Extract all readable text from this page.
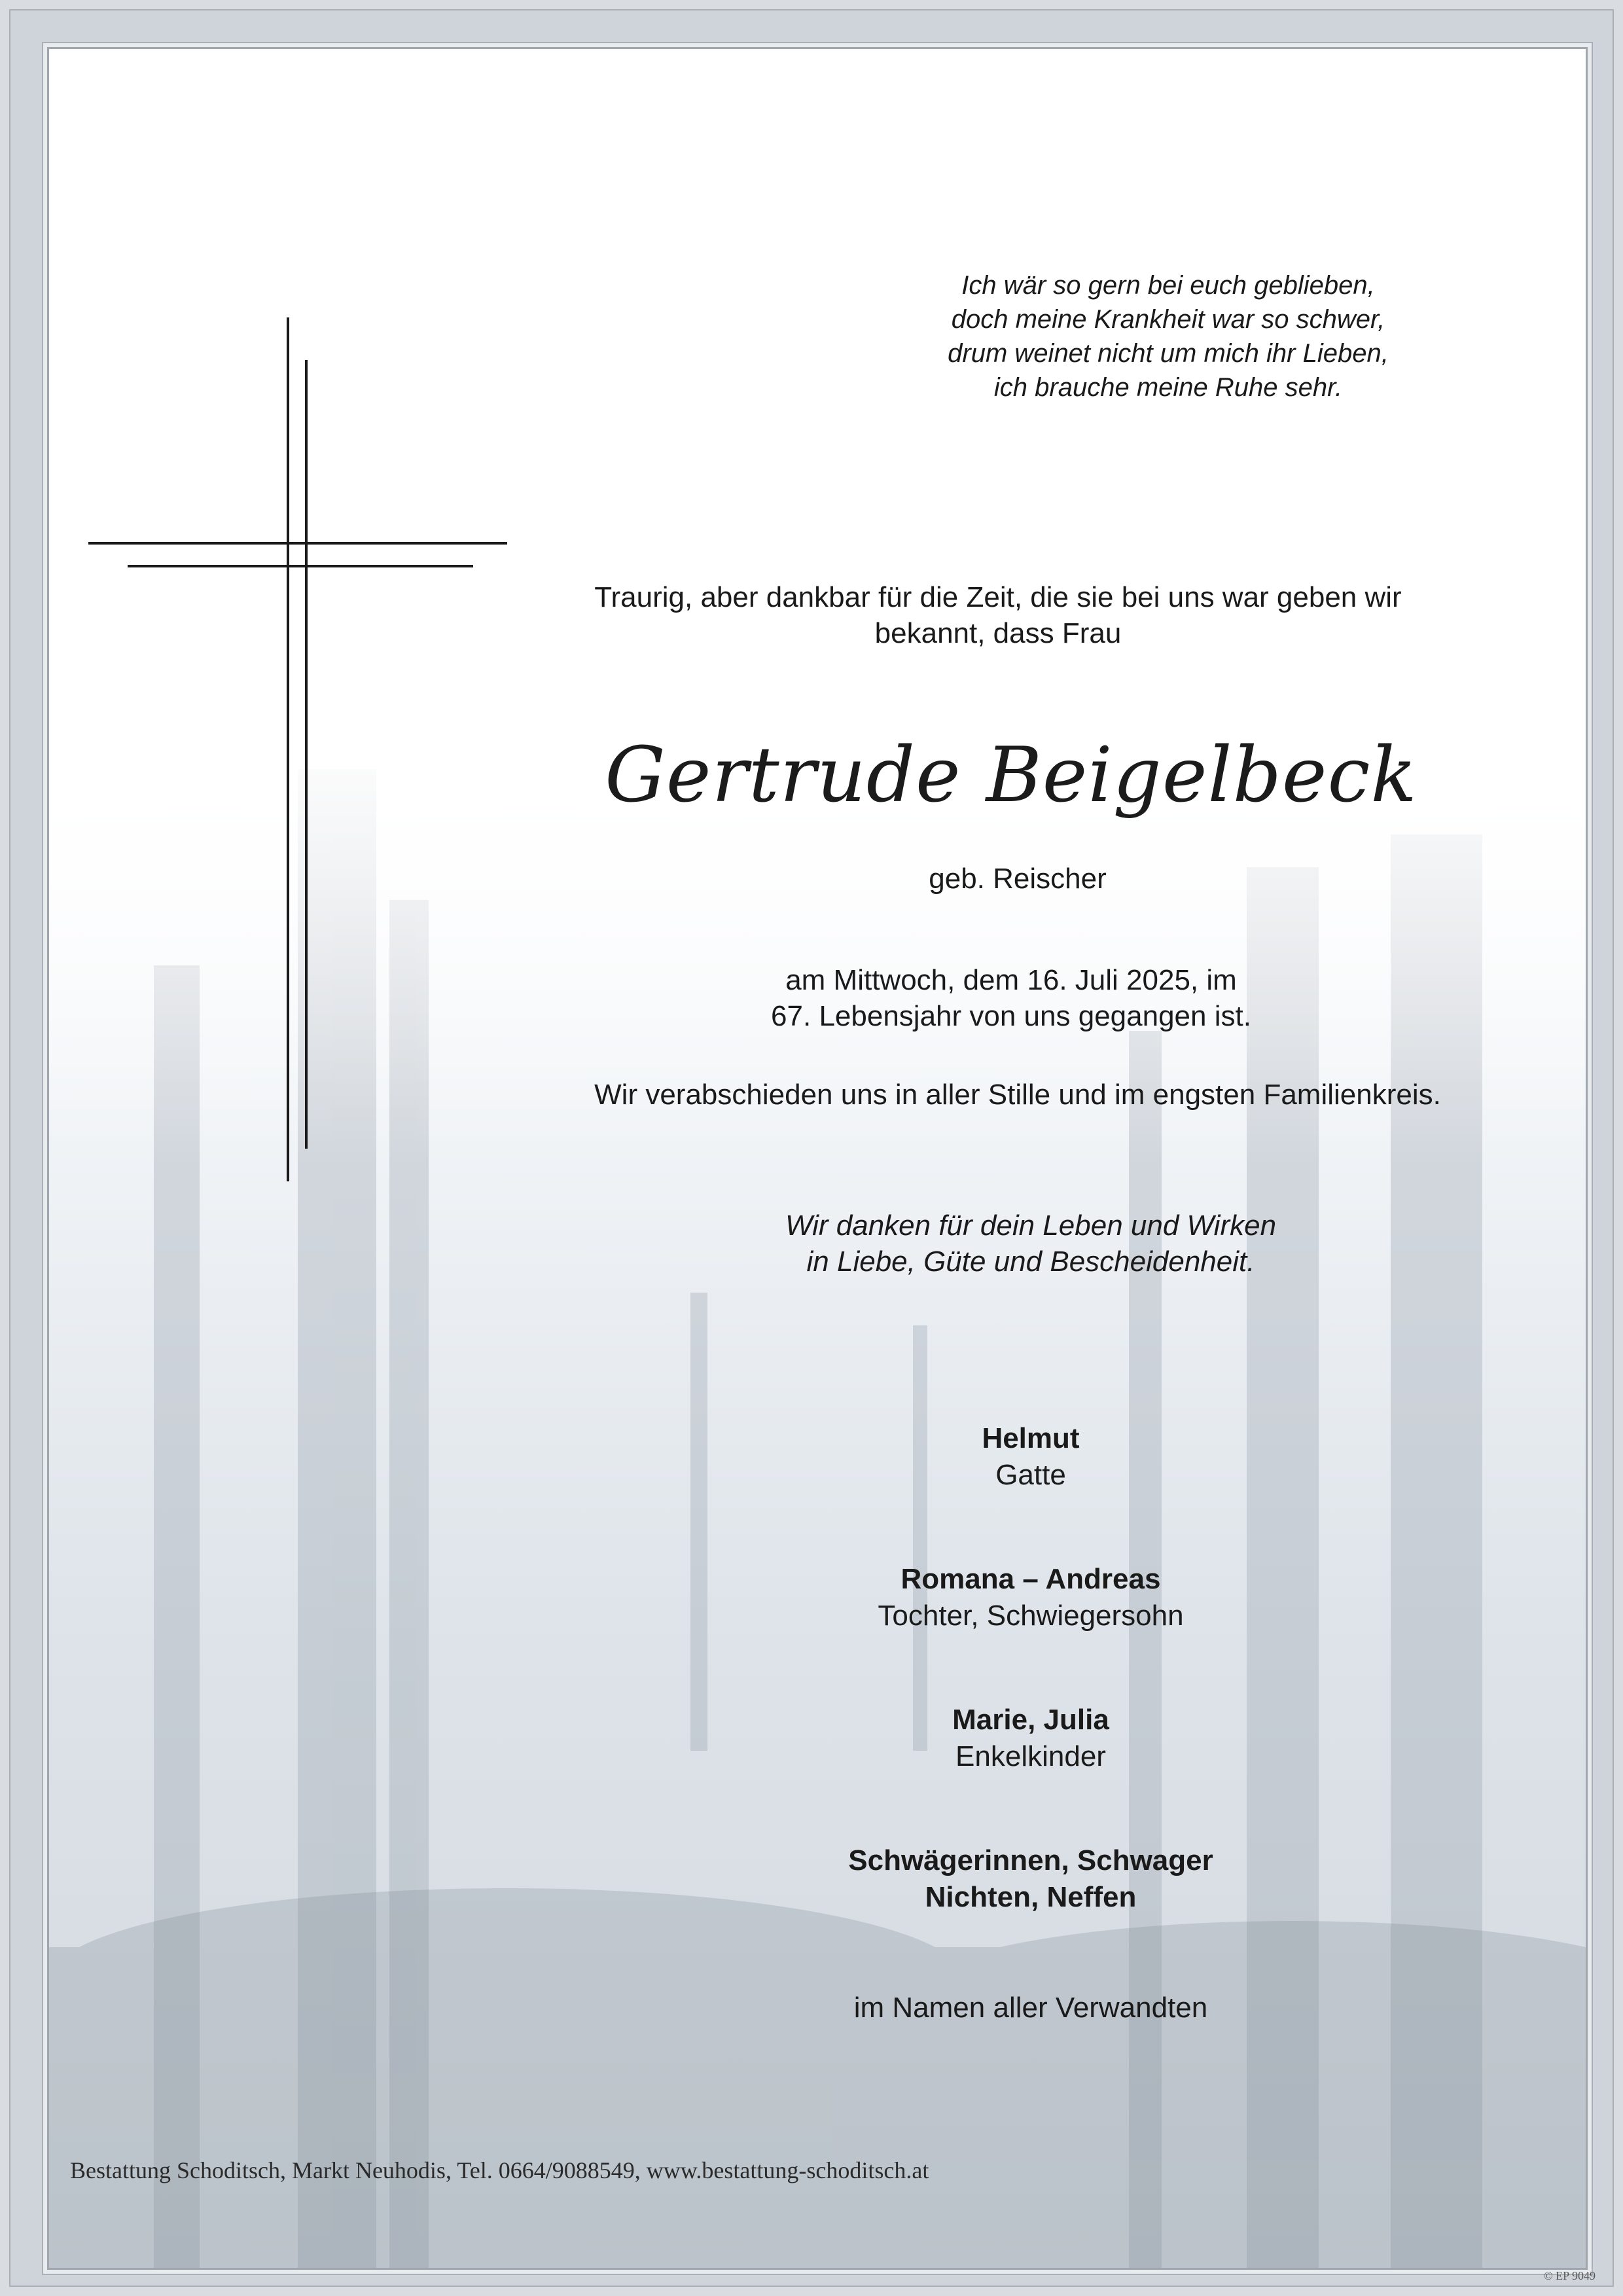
Ich wär so gern bei euch geblieben,
doch meine Krankheit war so schwer,
drum weinet nicht um mich ihr Lieben,
ich brauche meine Ruhe sehr.
Traurig, aber dankbar für die Zeit, die sie bei uns war geben wir
bekannt, dass Frau
Gertrude Beigelbeck
geb. Reischer
am Mittwoch, dem 16. Juli 2025, im
67. Lebensjahr von uns gegangen ist.
Wir verabschieden uns in aller Stille und im engsten Familienkreis.
Wir danken für dein Leben und Wirken
in Liebe, Güte und Bescheidenheit.
Helmut
Gatte
Romana – Andreas
Tochter, Schwiegersohn
Marie, Julia
Enkelkinder
Schwägerinnen, Schwager
Nichten, Neffen
im Namen aller Verwandten
Bestattung Schoditsch, Markt Neuhodis, Tel. 0664/9088549, www.bestattung-schoditsch.at
© EP 9049
